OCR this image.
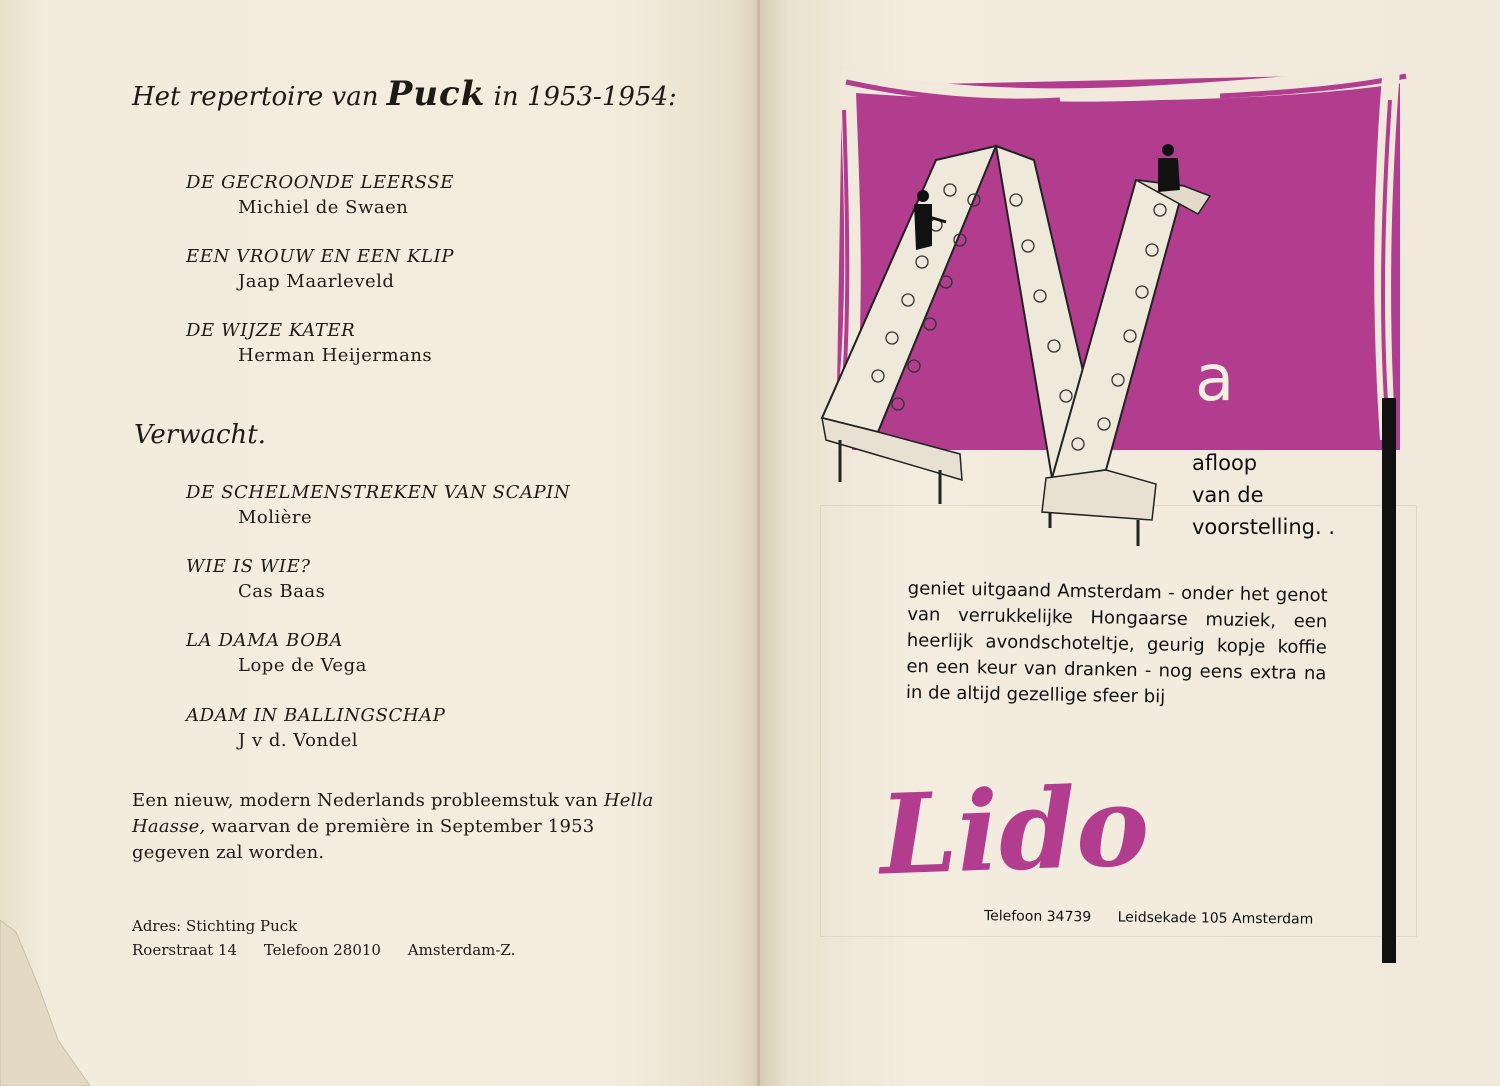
Het repertoire van Puck in 1953-1954:
DE GECROONDE LEERSSE
Michiel de Swaen
EEN VROUW EN EEN KLIP
Jaap Maarleveld
DE WIJZE KATER
Herman Heijermans
Verwacht.
DE SCHELMENSTREKEN VAN SCAPIN
Molière
WIE IS WIE?
Cas Baas
LA DAMA BOBA
Lope de Vega
ADAM IN BALLINGSCHAP
J v d. Vondel
Een nieuw, modern Nederlands probleemstuk van Hella Haasse, waarvan de première in September 1953 gegeven zal worden.
Adres: Stichting Puck
Roerstraat 14 Telefoon 28010 Amsterdam-Z.
a
Lido
afloop
van de
voorstelling. .
geniet uitgaand Amsterdam - onder het genot van verrukkelijke Hongaarse muziek, een heerlijk avondschoteltje, geurig kopje koffie en een keur van dranken - nog eens extra na in de altijd gezellige sfeer bij
Telefoon 34739 Leidsekade 105 Amsterdam
